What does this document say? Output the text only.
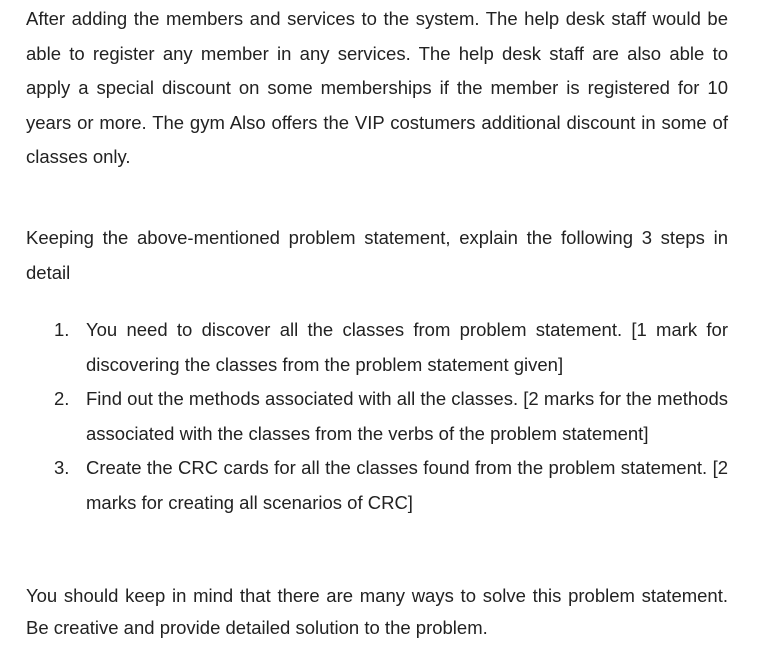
After adding the members and services to the system. The help desk staff would be able to register any member in any services. The help desk staff are also able to apply a special discount on some memberships if the member is registered for 10 years or more. The gym Also offers the VIP costumers additional discount in some of classes only.

Keeping the above-mentioned problem statement, explain the following 3 steps in detail

1. You need to discover all the classes from problem statement. [1 mark for discovering the classes from the problem statement given]
2. Find out the methods associated with all the classes. [2 marks for the methods associated with the classes from the verbs of the problem statement]
3. Create the CRC cards for all the classes found from the problem statement. [2 marks for creating all scenarios of CRC]

You should keep in mind that there are many ways to solve this problem statement. Be creative and provide detailed solution to the problem.
